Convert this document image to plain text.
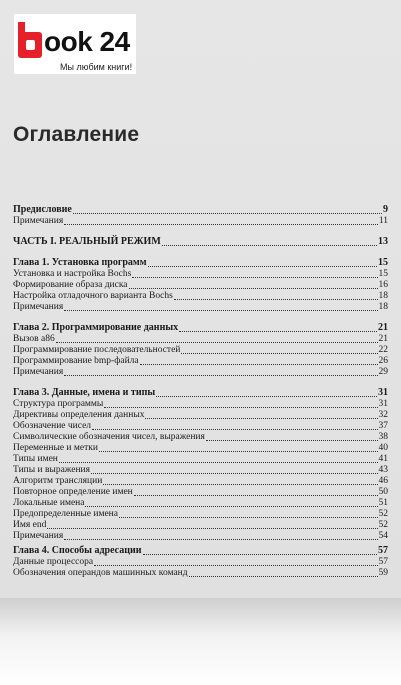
ook 24
Мы любим книги!
Оглавление
Предисловие	9
Примечания	11
ЧАСТЬ I. РЕАЛЬНЫЙ РЕЖИМ	13
Глава 1. Установка программ	15
Установка и настройка Bochs	15
Формирование образа диска	16
Настройка отладочного варианта Bochs	18
Примечания	18
Глава 2. Программирование данных	21
Вызов а86	21
Программирование последовательностей	22
Программирование bmp-файла	26
Примечания	29
Глава 3. Данные, имена и типы	31
Структура программы	31
Директивы определения данных	32
Обозначение чисел	37
Символические обозначения чисел, выражения	38
Переменные и метки	40
Типы имен	41
Типы и выражения	43
Алгоритм трансляции	46
Повторное определение имен	50
Локальные имена	51
Предопределенные имена	52
Имя end	52
Примечания	54
Глава 4. Способы адресации	57
Данные процессора	57
Обозначения операндов машинных команд	59
